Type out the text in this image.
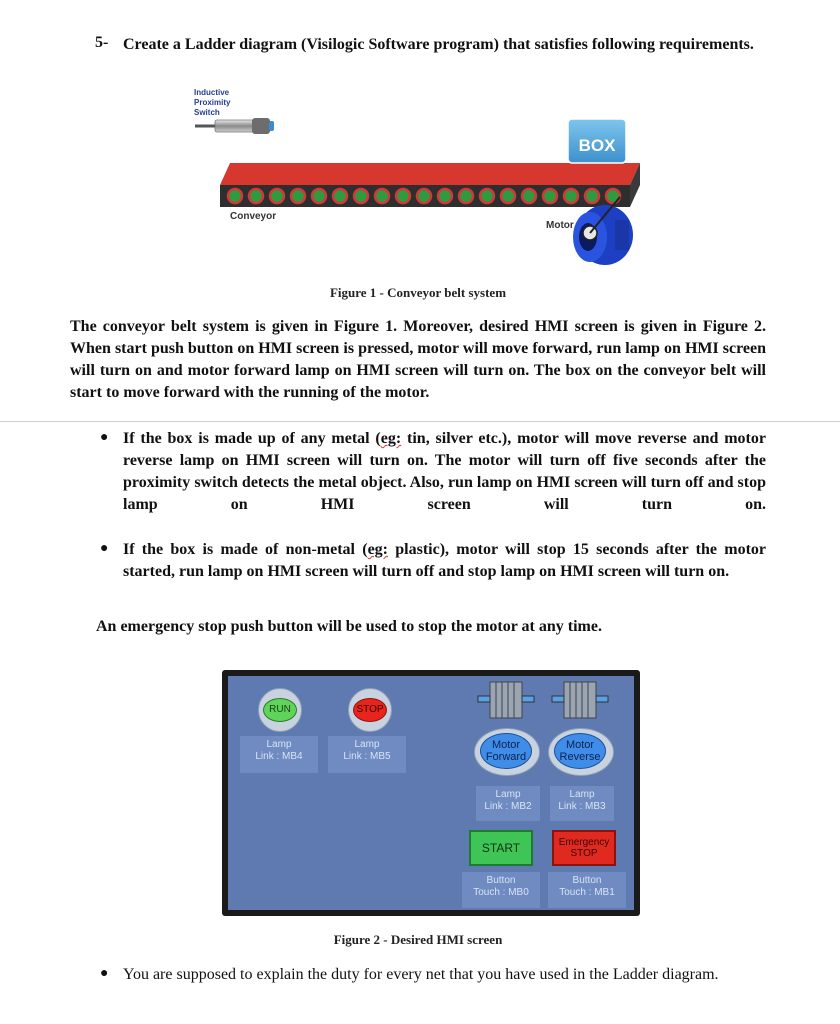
5- Create a Ladder diagram (Visilogic Software program) that satisfies following requirements.
Inductive
Proximity
Switch
BOX
Conveyor
Motor
Figure 1 - Conveyor belt system
The conveyor belt system is given in Figure 1. Moreover, desired HMI screen is given in Figure 2. When start push button on HMI screen is pressed, motor will move forward, run lamp on HMI screen will turn on and motor forward lamp on HMI screen will turn on. The box on the conveyor belt will start to move forward with the running of the motor.
● If the box is made up of any metal (eg: tin, silver etc.), motor will move reverse and motor reverse lamp on HMI screen will turn on. The motor will turn off five seconds after the proximity switch detects the metal object. Also, run lamp on HMI screen will turn off and stop lamp on HMI screen will turn on.
● If the box is made of non-metal (eg: plastic), motor will stop 15 seconds after the motor started, run lamp on HMI screen will turn off and stop lamp on HMI screen will turn on.
An emergency stop push button will be used to stop the motor at any time.
RUN	STOP
Lamp
Link : MB4
Lamp
Link : MB5
Motor
Forward
Motor
Reverse
Lamp
Link : MB2
Lamp
Link : MB3
START	Emergency
STOP
Button
Touch : MB0
Button
Touch : MB1
Figure 2 - Desired HMI screen
● You are supposed to explain the duty for every net that you have used in the Ladder diagram.
